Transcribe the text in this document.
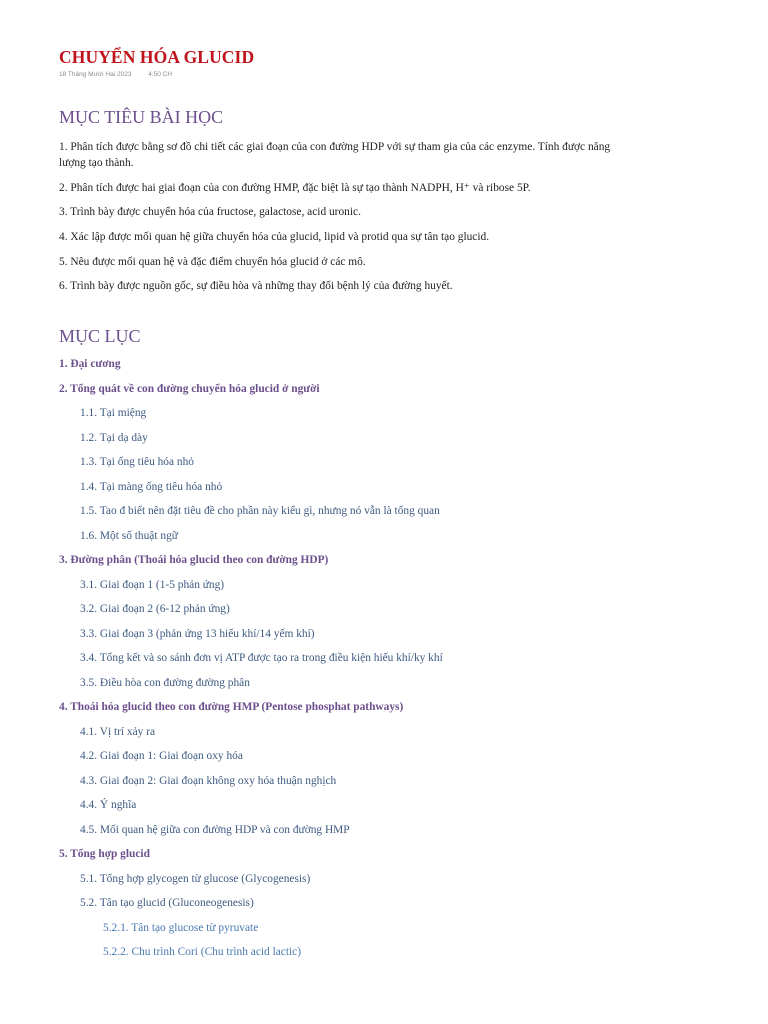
CHUYỂN HÓA GLUCID
18 Tháng Mười Hai 2023	4:50 CH
MỤC TIÊU BÀI HỌC

1. Phân tích được bằng sơ đồ chi tiết các giai đoạn của con đường HDP với sự tham gia của các enzyme. Tính được năng lượng tạo thành.

2. Phân tích được hai giai đoạn của con đường HMP, đặc biệt là sự tạo thành NADPH, H⁺ và ribose 5P.

3. Trình bày được chuyển hóa của fructose, galactose, acid uronic.

4. Xác lập được mối quan hệ giữa chuyển hóa của glucid, lipid và protid qua sự tân tạo glucid.

5. Nêu được mối quan hệ và đặc điểm chuyển hóa glucid ở các mô.

6. Trình bày được nguồn gốc, sự điều hòa và những thay đổi bệnh lý của đường huyết.

MỤC LỤC
1. Đại cương
2. Tổng quát về con đường chuyển hóa glucid ở người
1.1. Tại miệng
1.2. Tại dạ dày
1.3. Tại ống tiêu hóa nhỏ
1.4. Tại màng ống tiêu hóa nhỏ
1.5. Tao đ biết nên đặt tiêu đề cho phần này kiểu gì, nhưng nó vẫn là tổng quan
1.6. Một số thuật ngữ
3. Đường phân (Thoái hóa glucid theo con đường HDP)
3.1. Giai đoạn 1 (1-5 phản ứng)
3.2. Giai đoạn 2 (6-12 phản ứng)
3.3. Giai đoạn 3 (phản ứng 13 hiếu khí/14 yếm khí)
3.4. Tổng kết và so sánh đơn vị ATP được tạo ra trong điều kiện hiếu khí/ky khí
3.5. Điều hòa con đường đường phân
4. Thoái hóa glucid theo con đường HMP (Pentose phosphat pathways)
4.1. Vị trí xảy ra
4.2. Giai đoạn 1: Giai đoạn oxy hóa
4.3. Giai đoạn 2: Giai đoạn không oxy hóa thuận nghịch
4.4. Ý nghĩa
4.5. Mối quan hệ giữa con đường HDP và con đường HMP
5. Tổng hợp glucid
5.1. Tổng hợp glycogen từ glucose (Glycogenesis)
5.2. Tân tạo glucid (Gluconeogenesis)
5.2.1. Tân tạo glucose từ pyruvate
5.2.2. Chu trình Cori (Chu trình acid lactic)
